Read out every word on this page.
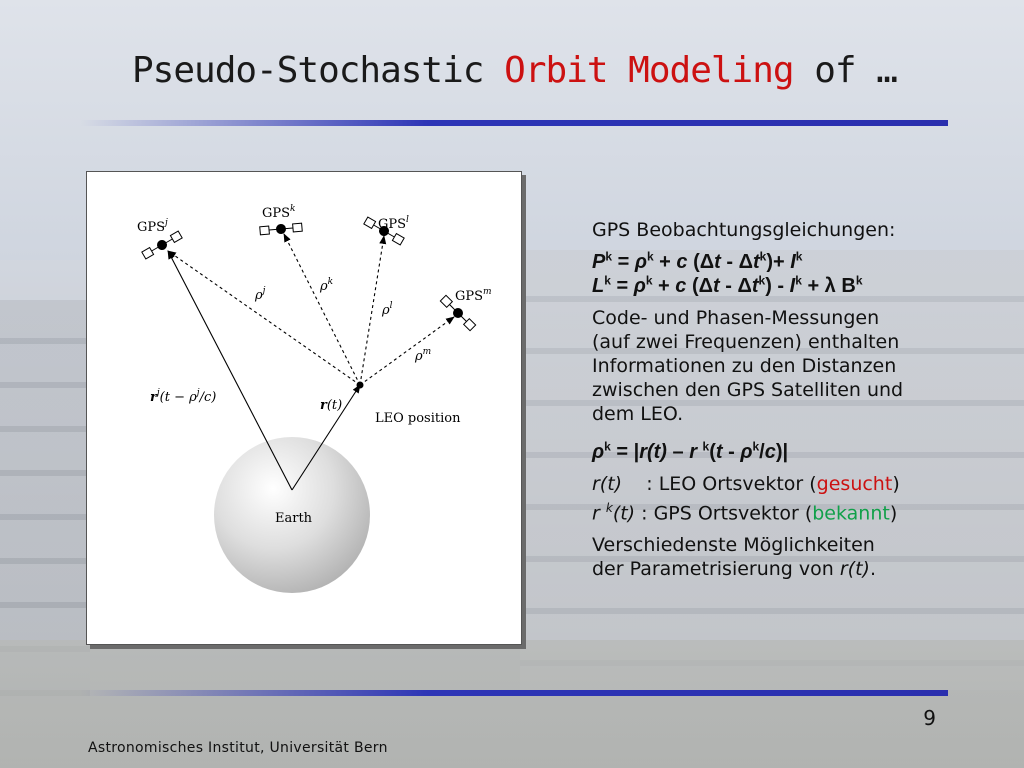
Pseudo-Stochastic Orbit Modeling of …
GPS$^j$
GPS$^k$
GPS$^l$
GPS$^m$
$\rho^j$	$\rho^k$
$\rho^l$
$\rho^m$
$r^j(t - \rho^j/c)$
r(t)
LEO position
Earth

GPS Beobachtungsgleichungen:

$P^k = \rho^k + c$ $(\Delta t - \Delta t^k)+ I^k$

$L^k = \rho^k + c$ $(\Delta t - \Delta t^k) - I^k + \lambda$ $B^k$

Code- und Phasen-Messungen
(auf zwei Frequenzen) enthalten
Informationen zu den Distanzen
zwischen den GPS Satelliten und
dem LEO.

$\rho^k = |r(t) - r$ $^k(t - \rho^k/c)|$

r(t)    : LEO Ortsvektor (gesucht)

r $^k$(t) : GPS Ortsvektor (bekannt)

Verschiedenste Möglichkeiten
der Parametrisierung von r(t).

9
Astronomisches Institut, Universität Bern
